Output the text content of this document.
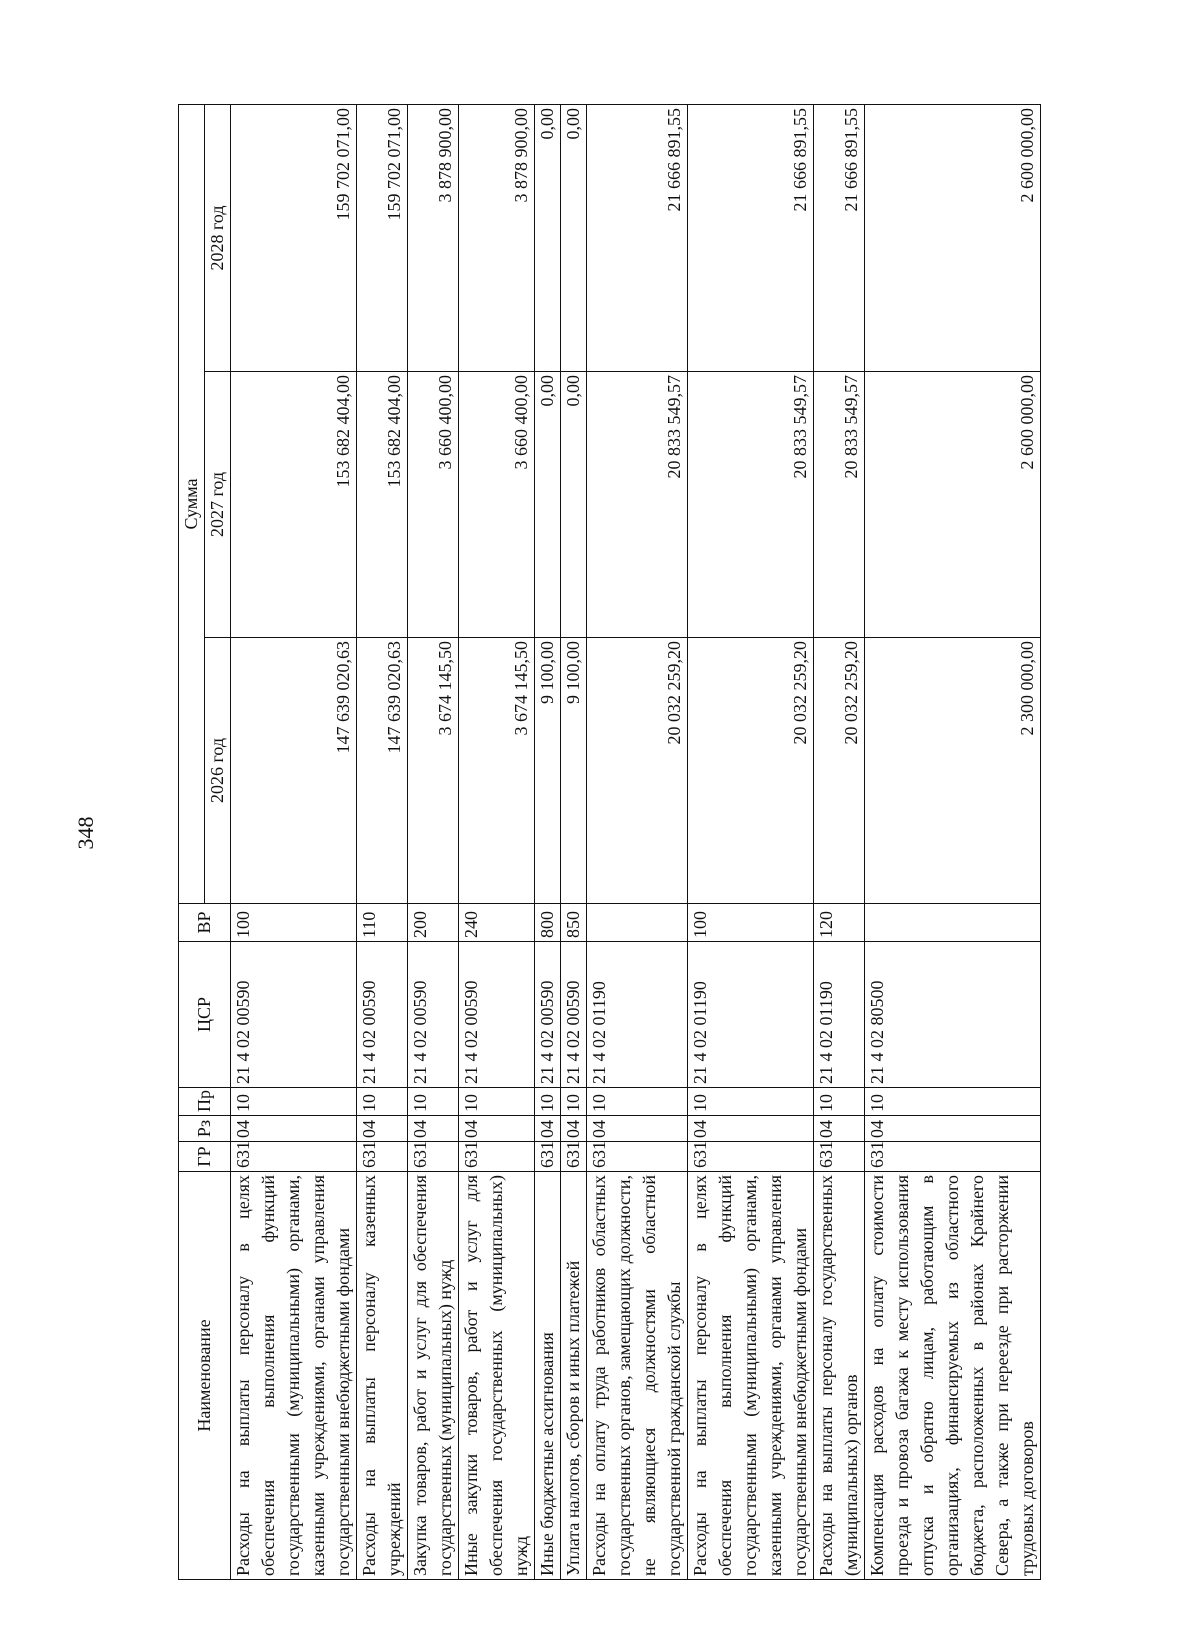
348
Наименование	ГР	Рз	Пр	ЦСР	ВР	Сумма		
						2026 год	2027 год	2028 год
Расходы на выплаты персоналу в целях обеспечения выполнения функций государственными (муниципальными) органами, казенными учреждениями, органами управления государственными внебюджетными фондами	631	04	10	21 4 02 00590	100	147 639 020,63	153 682 404,00	159 702 071,00
Расходы на выплаты персоналу казенных учреждений	631	04	10	21 4 02 00590	110	147 639 020,63	153 682 404,00	159 702 071,00
Закупка товаров, работ и услуг для обеспечения государственных (муниципальных) нужд	631	04	10	21 4 02 00590	200	3 674 145,50	3 660 400,00	3 878 900,00
Иные закупки товаров, работ и услуг для обеспечения государственных (муниципальных) нужд	631	04	10	21 4 02 00590	240	3 674 145,50	3 660 400,00	3 878 900,00
Иные бюджетные ассигнования	631	04	10	21 4 02 00590	800	9 100,00	0,00	0,00
Уплата налогов, сборов и иных платежей	631	04	10	21 4 02 00590	850	9 100,00	0,00	0,00
Расходы на оплату труда работников областных государственных органов, замещающих должности, не являющиеся должностями областной государственной гражданской службы	631	04	10	21 4 02 01190		20 032 259,20	20 833 549,57	21 666 891,55
Расходы на выплаты персоналу в целях обеспечения выполнения функций государственными (муниципальными) органами, казенными учреждениями, органами управления государственными внебюджетными фондами	631	04	10	21 4 02 01190	100	20 032 259,20	20 833 549,57	21 666 891,55
Расходы на выплаты персоналу государственных (муниципальных) органов	631	04	10	21 4 02 01190	120	20 032 259,20	20 833 549,57	21 666 891,55
Компенсация расходов на оплату стоимости проезда и провоза багажа к месту использования отпуска и обратно лицам, работающим в организациях, финансируемых из областного бюджета, расположенных в районах Крайнего Севера, а также при переезде при расторжении трудовых договоров	631	04	10	21 4 02 80500		2 300 000,00	2 600 000,00	2 600 000,00
